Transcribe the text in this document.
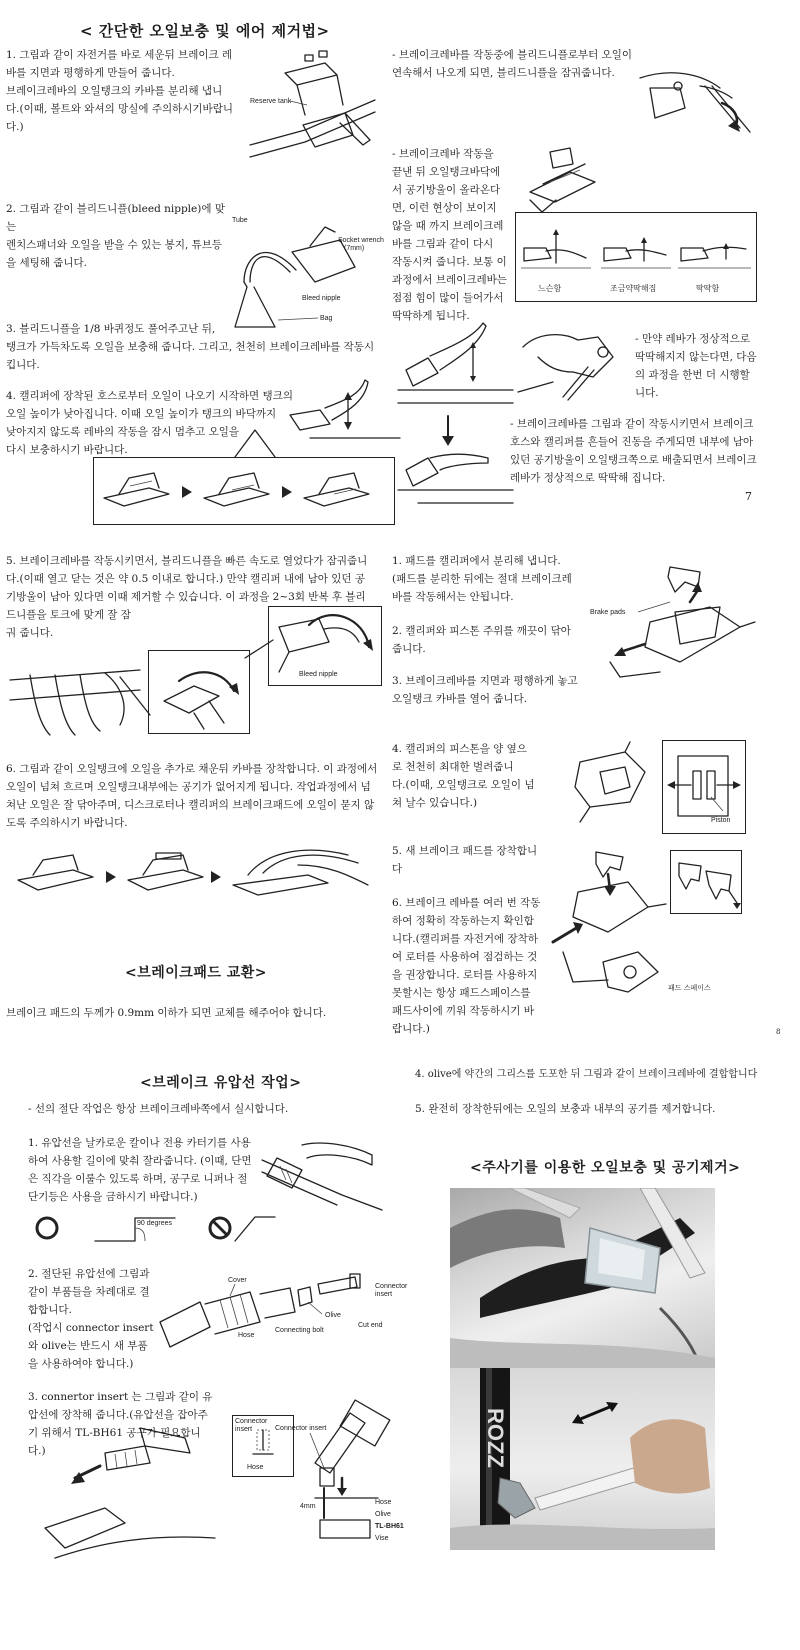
< 간단한 오일보충 및 에어 제거법>

1. 그림과 같이 자전거를 바로 세운뒤 브레이크 레
바를 지면과 평행하게 만들어 줍니다.
브레이크레바의 오일탱크의 카바를 분리해 냅니
다.(이때, 볼트와 와셔의 망실에 주의하시기바랍니
다.)

Reserve tank

2. 그림과 같이 블리드니플(bleed nipple)에 맞는
렌치스패너와 오일을 받을 수 있는 봉지, 튜브등
을 세팅해 줍니다.

Tube
Socket wrench
(7mm)
Bleed nipple
Bag

3. 블리드니플을 1/8 바퀴정도 풀어주고난 뒤,
탱크가 가득차도록 오일을 보충해 줍니다. 그리고, 천천히 브레이크레바를 작동시
킵니다.

4. 캘리퍼에 장착된 호스로부터 오일이 나오기 시작하면 탱크의
오일 높이가 낮아집니다. 이때 오일 높이가 탱크의 바닥까지
낮아지지 않도록 레바의 작동을 잠시 멈추고 오일을
다시 보충하시기 바랍니다.

- 브레이크레바를 작동중에 블리드니플로부터 오일이
연속해서 나오게 되면, 블리드니플을 잠궈줍니다.

- 브레이크레바 작동을
끝낸 뒤 오일탱크바닥에
서 공기방울이 올라온다
면, 이런 현상이 보이지
않을 때 까지 브레이크레
바를 그림과 같이 다시
작동시켜 줍니다. 보통 이
과정에서 브레이크레바는
점점 힘이 많이 들어가서
딱딱하게 됩니다.

느슨함	조금약딱해짐	딱딱함

- 만약 레바가 정상적으로
딱딱해지지 않는다면, 다음
의 과정을 한번 더 시행할
니다.

- 브레이크레바를 그림과 같이 작동시키면서 브레이크
호스와 캘리퍼를 흔들어 진동을 주게되면 내부에 남아
있던 공기방울이 오일탱크쪽으로 배출되면서 브레이크
레바가 정상적으로 딱딱해 집니다.

7

5. 브레이크레바를 작동시키면서, 블리드니플을 빠른 속도로 열었다가 잠궈줍니
다.(이때 열고 닫는 것은 약 0.5 이내로 합니다.) 만약 캘리퍼 내에 남아 있던 공
기방울이 남아 있다면 이때 제거할 수 있습니다. 이 과정을 2~3회 반복 후 블리
드니플을 토크에 맞게 잘 잠
궈 줍니다.

Bleed nipple

6. 그림과 같이 오일탱크에 오일을 추가로 채운뒤 카바를 장착합니다. 이 과정에서
오일이 넘쳐 흐르며 오일탱크내부에는 공기가 없어지게 됩니다. 작업과정에서 넘
쳐난 오일은 잘 닦아주며, 디스크로터나 캘리퍼의 브레이크패드에 오일이 묻지 않
도록 주의하시기 바랍니다.

<브레이크패드 교환>

브레이크 패드의 두께가 0.9mm 이하가 되면 교체를 해주어야 합니다.

1. 패드를 캘리퍼에서 분리해 냅니다.
(패드를 분리한 뒤에는 절대 브레이크레
바를 작동해서는 안됩니다.

Brake pads

2. 캘리퍼와 피스톤 주위를 깨끗이 닦아
줍니다.

3. 브레이크레바를 지면과 평행하게 놓고
오일탱크 카바를 열어 줍니다.

4. 캘리퍼의 피스톤을 양 옆으
로 천천히 최대한 벌려줍니
다.(이때, 오일탱크로 오일이 넘
쳐 날수 있습니다.)

Piston

5. 새 브레이크 패드를 장착합니
다

6. 브레이크 레바를 여러 번 작동
하여 정확히 작동하는지 확인합
니다.(캘리퍼를 자전거에 장착하
여 로터를 사용하여 점검하는 것
을 권장합니다. 로터를 사용하지
못할시는 항상 패드스페이스를
패드사이에 끼워 작동하시기 바
랍니다.)

패드 스페이스
8
<브레이크 유압선 작업>

- 선의 절단 작업은 항상 브레이크레바쪽에서 실시합니다.

1. 유압선을 날카로운 칼이나 전용 카터기를 사용
하여 사용할 길이에 맞춰 잘라줍니다. (이때, 단면
은 직각을 이룰수 있도록 하며, 공구로 니퍼나 절
단기등은 사용을 금하시기 바랍니다.)

90 degrees

2. 절단된 유압선에 그림과
같이 부품들을 차례대로 결
합합니다.
(작업시 connector insert
와 olive는 반드시 새 부품
을 사용하여야 합니다.)

Cover
Connector
insert
Olive
Cut end
Hose
Connecting bolt

3. connertor insert 는 그림과 같이 유
압선에 장착해 줍니다.(유압선을 잡아주
기 위해서 TL-BH61 공구가 필요합니
다.)

Connector insert
4mm
Hose
Olive
TL-BH61
Vise
Connector
insert
Hose

4. olive에 약간의 그리스를 도포한 뒤 그림과 같이 브레이크레바에 결합합니다

5. 완전히 장착한뒤에는 오일의 보충과 내부의 공기를 제거합니다.

<주사기를 이용한 오일보충 및 공기제거>
ROZZ
